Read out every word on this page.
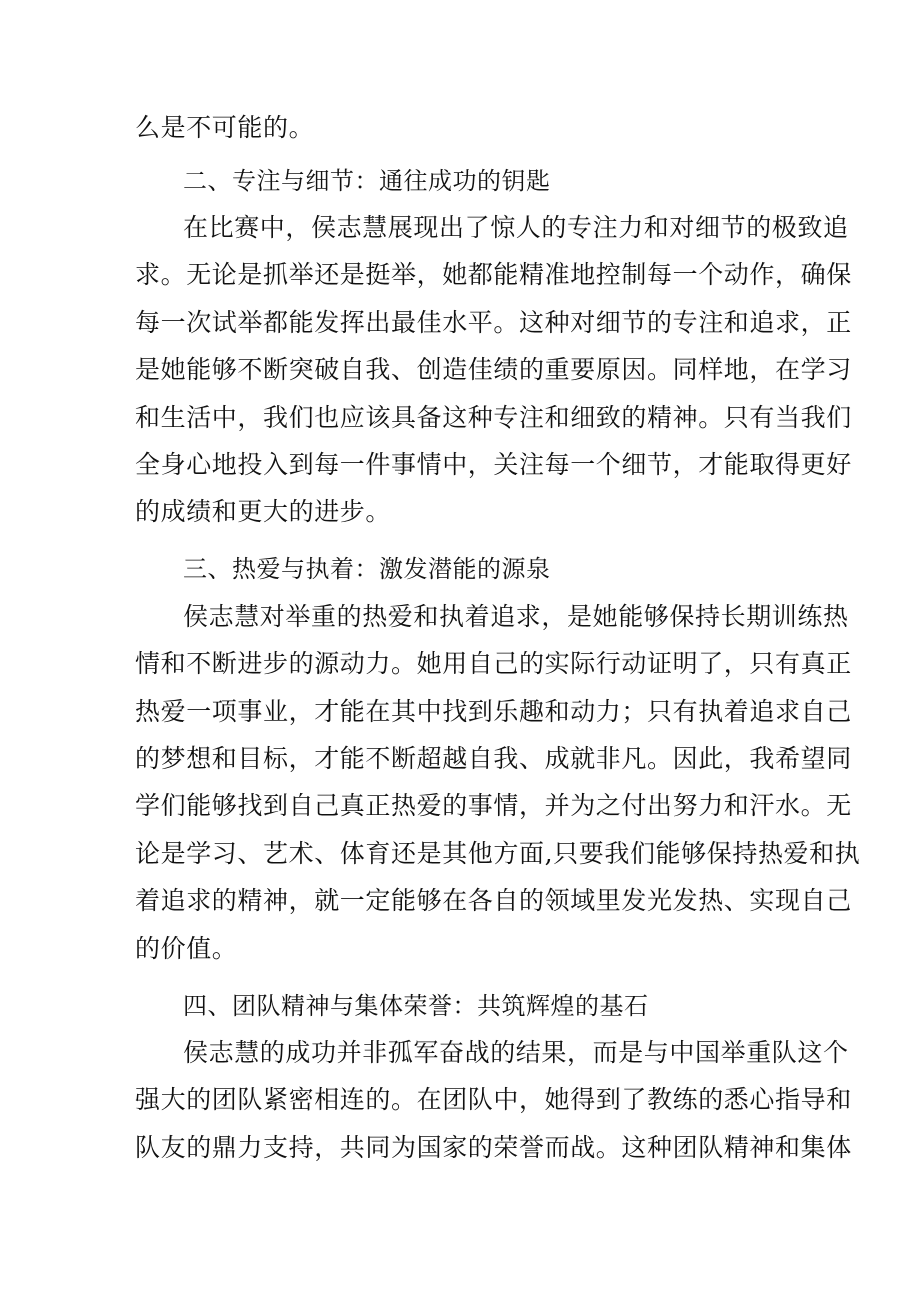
么是不可能的。
二、专注与细节：通往成功的钥匙
在比赛中，侯志慧展现出了惊人的专注力和对细节的极致追
求。无论是抓举还是挺举，她都能精准地控制每一个动作，确保
每一次试举都能发挥出最佳水平。这种对细节的专注和追求，正
是她能够不断突破自我、创造佳绩的重要原因。同样地，在学习
和生活中，我们也应该具备这种专注和细致的精神。只有当我们
全身心地投入到每一件事情中，关注每一个细节，才能取得更好
的成绩和更大的进步。
三、热爱与执着：激发潜能的源泉
侯志慧对举重的热爱和执着追求，是她能够保持长期训练热
情和不断进步的源动力。她用自己的实际行动证明了，只有真正
热爱一项事业，才能在其中找到乐趣和动力；只有执着追求自己
的梦想和目标，才能不断超越自我、成就非凡。因此，我希望同
学们能够找到自己真正热爱的事情，并为之付出努力和汗水。无
论是学习、艺术、体育还是其他方面,只要我们能够保持热爱和执
着追求的精神，就一定能够在各自的领域里发光发热、实现自己
的价值。
四、团队精神与集体荣誉：共筑辉煌的基石
侯志慧的成功并非孤军奋战的结果，而是与中国举重队这个
强大的团队紧密相连的。在团队中，她得到了教练的悉心指导和
队友的鼎力支持，共同为国家的荣誉而战。这种团队精神和集体
